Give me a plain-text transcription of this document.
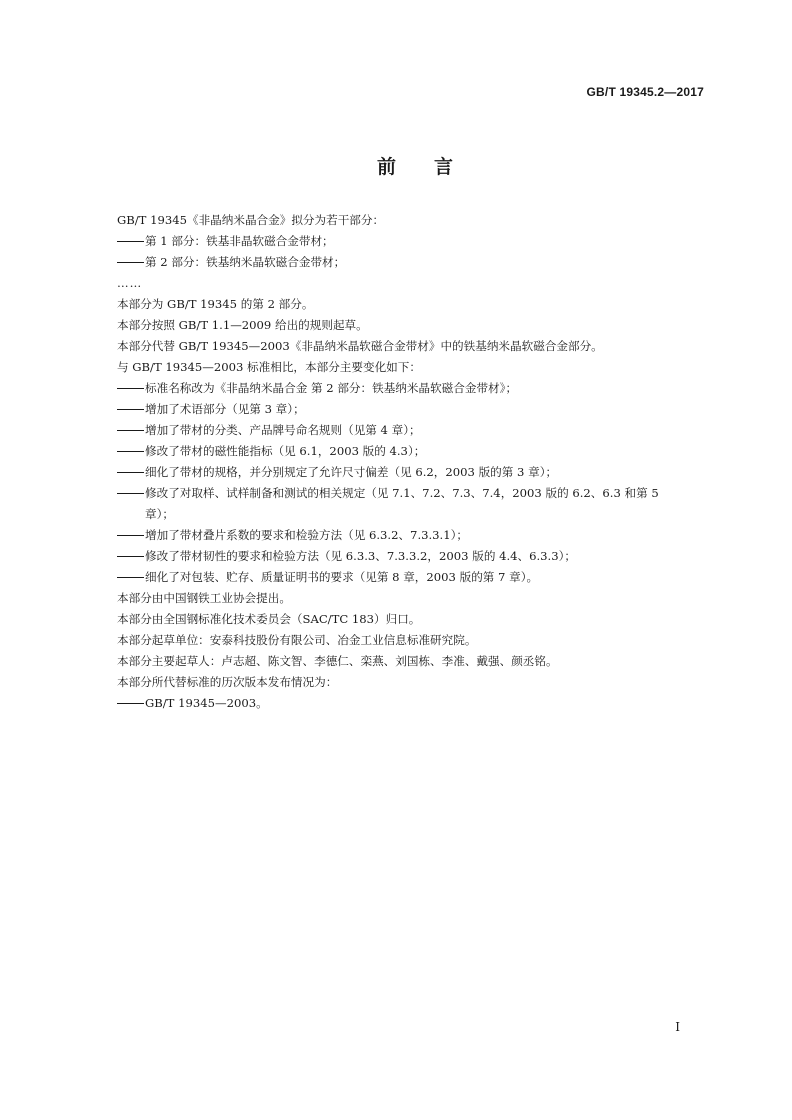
GB/T 19345.2—2017
前言
GB/T 19345《非晶纳米晶合金》拟分为若干部分：
第 1 部分：铁基非晶软磁合金带材；
第 2 部分：铁基纳米晶软磁合金带材；
……
本部分为 GB/T 19345 的第 2 部分。
本部分按照 GB/T 1.1—2009 给出的规则起草。
本部分代替 GB/T 19345—2003《非晶纳米晶软磁合金带材》中的铁基纳米晶软磁合金部分。
与 GB/T 19345—2003 标准相比，本部分主要变化如下：
标准名称改为《非晶纳米晶合金 第 2 部分：铁基纳米晶软磁合金带材》；
增加了术语部分（见第 3 章）；
增加了带材的分类、产品牌号命名规则（见第 4 章）；
修改了带材的磁性能指标（见 6.1，2003 版的 4.3）；
细化了带材的规格，并分别规定了允许尺寸偏差（见 6.2，2003 版的第 3 章）；
修改了对取样、试样制备和测试的相关规定（见 7.1、7.2、7.3、7.4，2003 版的 6.2、6.3 和第 5
章）；
增加了带材叠片系数的要求和检验方法（见 6.3.2、7.3.3.1）；
修改了带材韧性的要求和检验方法（见 6.3.3、7.3.3.2，2003 版的 4.4、6.3.3）；
细化了对包装、贮存、质量证明书的要求（见第 8 章，2003 版的第 7 章）。
本部分由中国钢铁工业协会提出。
本部分由全国钢标准化技术委员会（SAC/TC 183）归口。
本部分起草单位：安泰科技股份有限公司、冶金工业信息标准研究院。
本部分主要起草人：卢志超、陈文智、李德仁、栾燕、刘国栋、李准、戴强、颜丞铭。
本部分所代替标准的历次版本发布情况为：
GB/T 19345—2003。
Ⅰ
